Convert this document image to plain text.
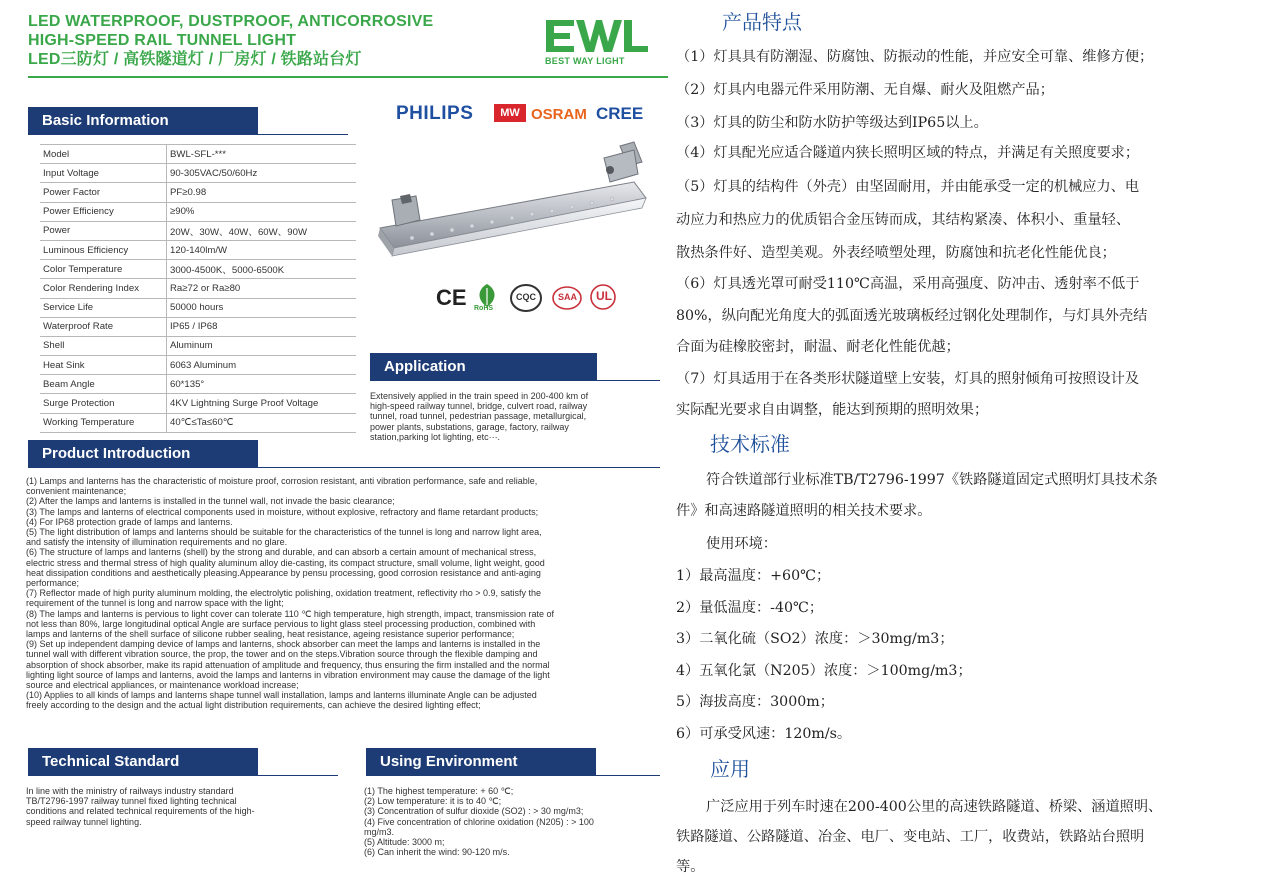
LED WATERPROOF, DUSTPROOF, ANTICORROSIVE
HIGH-SPEED RAIL TUNNEL LIGHT
LED三防灯 / 高铁隧道灯 / 厂房灯 / 铁路站台灯	BEST WAY LIGHT
Basic Information
Model	BWL-SFL-***
Input Voltage	90-305VAC/50/60Hz
Power Factor	PF≥0.98
Power Efficiency	≥90%
Power	20W、30W、40W、60W、90W
Luminous Efficiency	120-140lm/W
Color Temperature	3000-4500K、5000-6500K
Color Rendering Index	Ra≥72 or Ra≥80
Service Life	50000 hours
Waterproof Rate	IP65 / IP68
Shell	Aluminum
Heat Sink	6063 Aluminum
Beam Angle	60*135°
Surge Protection	4KV Lightning Surge Proof Voltage
Working Temperature	40℃≤Ta≤60℃
PHILIPS	MW OSRAM CREE
CE RoHS
CQC SAA UL
Application
Extensively applied in the train speed in 200-400 km of
high-speed railway tunnel, bridge, culvert road, railway
tunnel, road tunnel, pedestrian passage, metallurgical,
power plants, substations, garage, factory, railway
station,parking lot lighting, etc···.
Product Introduction
(1) Lamps and lanterns has the characteristic of moisture proof, corrosion resistant, anti vibration performance, safe and reliable,
convenient maintenance;
(2) After the lamps and lanterns is installed in the tunnel wall, not invade the basic clearance;
(3) The lamps and lanterns of electrical components used in moisture, without explosive, refractory and flame retardant products;
(4) For IP68 protection grade of lamps and lanterns.
(5) The light distribution of lamps and lanterns should be suitable for the characteristics of the tunnel is long and narrow light area,
and satisfy the intensity of illumination requirements and no glare.
(6) The structure of lamps and lanterns (shell) by the strong and durable, and can absorb a certain amount of mechanical stress,
electric stress and thermal stress of high quality aluminum alloy die-casting, its compact structure, small volume, light weight, good
heat dissipation conditions and aesthetically pleasing.Appearance by pensu processing, good corrosion resistance and anti-aging
performance;
(7) Reflector made of high purity aluminum molding, the electrolytic polishing, oxidation treatment, reflectivity rho > 0.9, satisfy the
requirement of the tunnel is long and narrow space with the light;
(8) The lamps and lanterns is pervious to light cover can tolerate 110 ℃ high temperature, high strength, impact, transmission rate of
not less than 80%, large longitudinal optical Angle are surface pervious to light glass steel processing production, combined with
lamps and lanterns of the shell surface of silicone rubber sealing, heat resistance, ageing resistance superior performance;
(9) Set up independent damping device of lamps and lanterns, shock absorber can meet the lamps and lanterns is installed in the
tunnel wall with different vibration source, the prop, the tower and on the steps.Vibration source through the flexible damping and
absorption of shock absorber, make its rapid attenuation of amplitude and frequency, thus ensuring the firm installed and the normal
lighting light source of lamps and lanterns, avoid the lamps and lanterns in vibration environment may cause the damage of the light
source and electrical appliances, or maintenance workload increase;
(10) Applies to all kinds of lamps and lanterns shape tunnel wall installation, lamps and lanterns illuminate Angle can be adjusted
freely according to the design and the actual light distribution requirements, can achieve the desired lighting effect;
Technical Standard
In line with the ministry of railways industry standard
TB/T2796-1997 railway tunnel fixed lighting technical
conditions and related technical requirements of the high-
speed railway tunnel lighting.
Using Environment
(1) The highest temperature: + 60 ℃;
(2) Low temperature: it is to 40 ℃;
(3) Concentration of sulfur dioxide (SO2) : > 30 mg/m3;
(4) Five concentration of chlorine oxidation (N205) : > 100
mg/m3.
(5) Altitude: 3000 m;
(6) Can inherit the wind: 90-120 m/s.
产品特点
（1）灯具具有防潮湿、防腐蚀、防振动的性能，并应安全可靠、维修方便；
（2）灯具内电器元件采用防潮、无自爆、耐火及阻燃产品；
（3）灯具的防尘和防水防护等级达到IP65以上。
（4）灯具配光应适合隧道内狭长照明区域的特点，并满足有关照度要求；
（5）灯具的结构件（外壳）由坚固耐用，并由能承受一定的机械应力、电
动应力和热应力的优质铝合金压铸而成，其结构紧凑、体积小、重量轻、
散热条件好、造型美观。外表经喷塑处理，防腐蚀和抗老化性能优良；
（6）灯具透光罩可耐受110℃高温，采用高强度、防冲击、透射率不低于
80%，纵向配光角度大的弧面透光玻璃板经过钢化处理制作，与灯具外壳结
合面为硅橡胶密封，耐温、耐老化性能优越；
（7）灯具适用于在各类形状隧道壁上安装，灯具的照射倾角可按照设计及
实际配光要求自由调整，能达到预期的照明效果；
技术标准
符合铁道部行业标准TB/T2796-1997《铁路隧道固定式照明灯具技术条
件》和高速路隧道照明的相关技术要求。
使用环境：
1）最高温度：+60℃；
2）量低温度：-40℃；
3）二氧化硫（SO2）浓度：＞30mg/m3；
4）五氧化氯（N205）浓度：＞100mg/m3；
5）海拔高度：3000m；
6）可承受风速：120m/s。
应用
广泛应用于列车时速在200-400公里的高速铁路隧道、桥梁、涵道照明、
铁路隧道、公路隧道、冶金、电厂、变电站、工厂，收费站，铁路站台照明
等。
